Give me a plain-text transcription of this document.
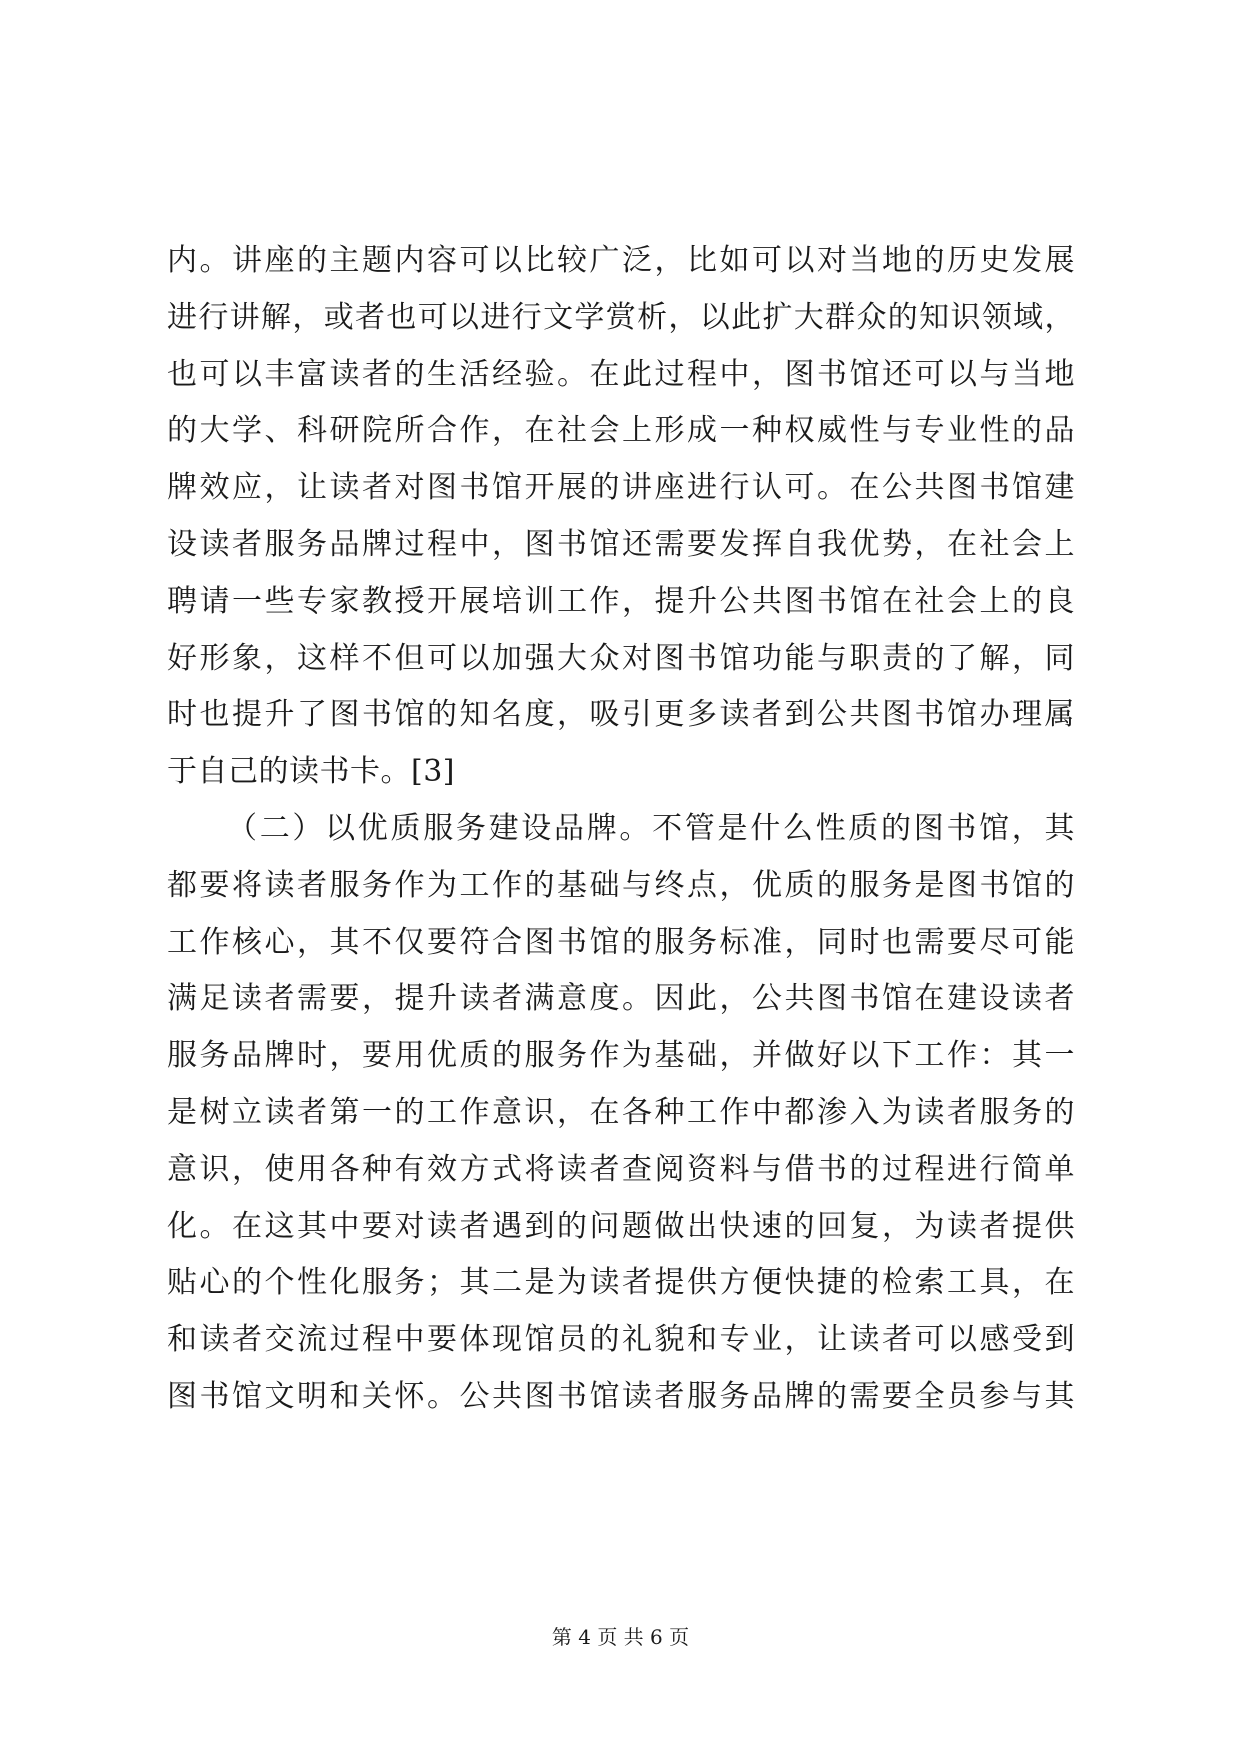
内。讲座的主题内容可以比较广泛，比如可以对当地的历史发展
进行讲解，或者也可以进行文学赏析，以此扩大群众的知识领域，
也可以丰富读者的生活经验。在此过程中，图书馆还可以与当地
的大学、科研院所合作，在社会上形成一种权威性与专业性的品
牌效应，让读者对图书馆开展的讲座进行认可。在公共图书馆建
设读者服务品牌过程中，图书馆还需要发挥自我优势，在社会上
聘请一些专家教授开展培训工作，提升公共图书馆在社会上的良
好形象，这样不但可以加强大众对图书馆功能与职责的了解，同
时也提升了图书馆的知名度，吸引更多读者到公共图书馆办理属
于自己的读书卡。[3]
（二）以优质服务建设品牌。不管是什么性质的图书馆，其
都要将读者服务作为工作的基础与终点，优质的服务是图书馆的
工作核心，其不仅要符合图书馆的服务标准，同时也需要尽可能
满足读者需要，提升读者满意度。因此，公共图书馆在建设读者
服务品牌时，要用优质的服务作为基础，并做好以下工作：其一
是树立读者第一的工作意识，在各种工作中都渗入为读者服务的
意识，使用各种有效方式将读者查阅资料与借书的过程进行简单
化。在这其中要对读者遇到的问题做出快速的回复，为读者提供
贴心的个性化服务；其二是为读者提供方便快捷的检索工具，在
和读者交流过程中要体现馆员的礼貌和专业，让读者可以感受到
图书馆文明和关怀。公共图书馆读者服务品牌的需要全员参与其
第 4 页 共 6 页
